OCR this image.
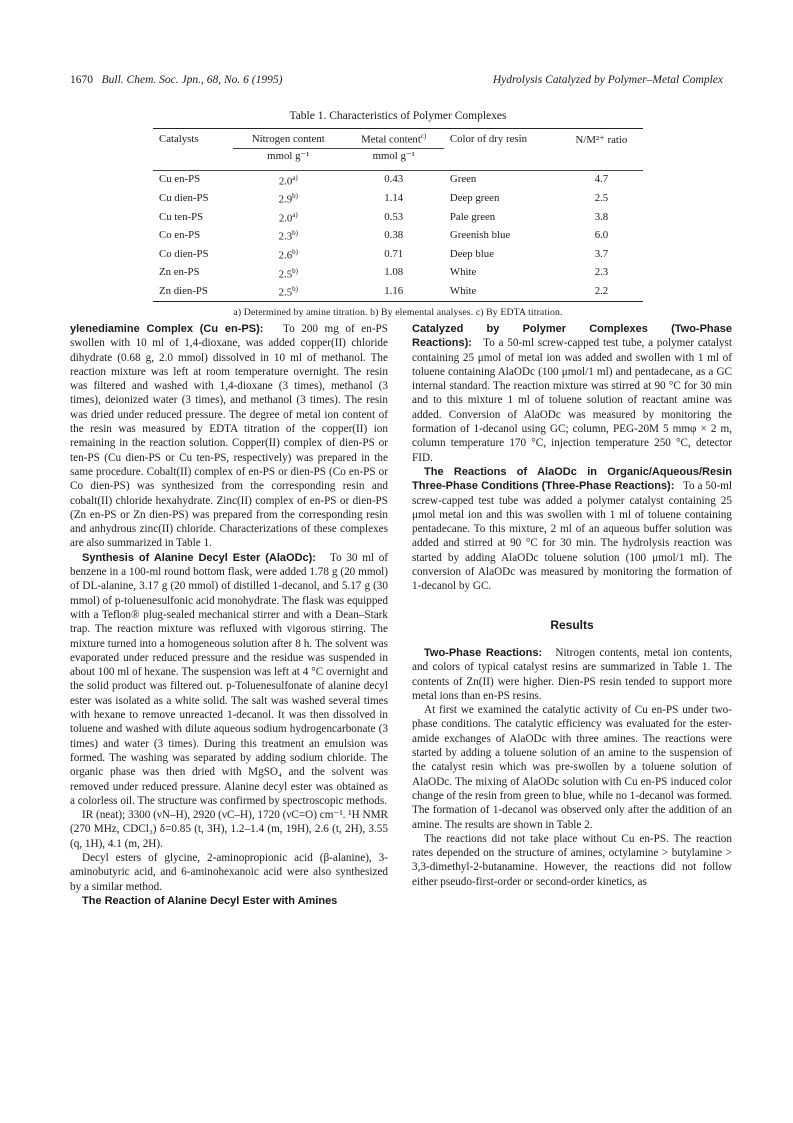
1670 Bull. Chem. Soc. Jpn., 68, No. 6 (1995)	Hydrolysis Catalyzed by Polymer–Metal Complex
Table 1. Characteristics of Polymer Complexes
Catalysts	Nitrogen content	Metal content$^{c)}$	Color of dry resin	N/M²⁺ ratio
	mmol g⁻¹	mmol g⁻¹		

Cu en-PS	2.0$^{a)}$	0.43	Green	4.7
Cu dien-PS	2.9$^{b)}$	1.14	Deep green	2.5
Cu ten-PS	2.0$^{a)}$	0.53	Pale green	3.8
Co en-PS	2.3$^{b)}$	0.38	Greenish blue	6.0
Co dien-PS	2.6$^{b)}$	0.71	Deep blue	3.7
Zn en-PS	2.5$^{b)}$	1.08	White	2.3
Zn dien-PS	2.5$^{b)}$	1.16	White	2.2
a) Determined by amine titration. b) By elemental analyses. c) By EDTA titration.

ylenediamine Complex (Cu en-PS): To 200 mg of en-PS swollen with 10 ml of 1,4-dioxane, was added copper(II) chloride dihydrate (0.68 g, 2.0 mmol) dissolved in 10 ml of methanol. The reaction mixture was left at room temperature overnight. The resin was filtered and washed with 1,4-dioxane (3 times), methanol (3 times), deionized water (3 times), and methanol (3 times). The resin was dried under reduced pressure. The degree of metal ion content of the resin was measured by EDTA titration of the copper(II) ion remaining in the reaction solution. Copper(II) complex of dien-PS or ten-PS (Cu dien-PS or Cu ten-PS, respectively) was prepared in the same procedure. Cobalt(II) complex of en-PS or dien-PS (Co en-PS or Co dien-PS) was synthesized from the corresponding resin and cobalt(II) chloride hexahydrate. Zinc(II) complex of en-PS or dien-PS (Zn en-PS or Zn dien-PS) was prepared from the corresponding resin and anhydrous zinc(II) chloride. Characterizations of these complexes are also summarized in Table 1.

Synthesis of Alanine Decyl Ester (AlaODc): To 30 ml of benzene in a 100-ml round bottom flask, were added 1.78 g (20 mmol) of DL-alanine, 3.17 g (20 mmol) of distilled 1-decanol, and 5.17 g (30 mmol) of p-toluenesulfonic acid monohydrate. The flask was equipped with a Teflon® plug-sealed mechanical stirrer and with a Dean–Stark trap. The reaction mixture was refluxed with vigorous stirring. The mixture turned into a homogeneous solution after 8 h. The solvent was evaporated under reduced pressure and the residue was suspended in about 100 ml of hexane. The suspension was left at 4 °C overnight and the solid product was filtered out. p-Toluenesulfonate of alanine decyl ester was isolated as a white solid. The salt was washed several times with hexane to remove unreacted 1-decanol. It was then dissolved in toluene and washed with dilute aqueous sodium hydrogencarbonate (3 times) and water (3 times). During this treatment an emulsion was formed. The washing was separated by adding sodium chloride. The organic phase was then dried with MgSO₄ and the solvent was removed under reduced pressure. Alanine decyl ester was obtained as a colorless oil. The structure was confirmed by spectroscopic methods.

IR (neat); 3300 (νN–H), 2920 (νC–H), 1720 (νC=O) cm⁻¹. ¹H NMR (270 MHz, CDCl₃) δ=0.85 (t, 3H), 1.2–1.4 (m, 19H), 2.6 (t, 2H), 3.55 (q, 1H), 4.1 (m, 2H).

Decyl esters of glycine, 2-aminopropionic acid (β-alanine), 3-aminobutyric acid, and 6-aminohexanoic acid were also synthesized by a similar method.

The Reaction of Alanine Decyl Ester with Amines

Catalyzed by Polymer Complexes (Two-Phase Reactions): To a 50-ml screw-capped test tube, a polymer catalyst containing 25 μmol of metal ion was added and swollen with 1 ml of toluene containing AlaODc (100 μmol/1 ml) and pentadecane, as a GC internal standard. The reaction mixture was stirred at 90 °C for 30 min and to this mixture 1 ml of toluene solution of reactant amine was added. Conversion of AlaODc was measured by monitoring the formation of 1-decanol using GC; column, PEG-20M 5 mmφ × 2 m, column temperature 170 °C, injection temperature 250 °C, detector FID.

The Reactions of AlaODc in Organic/Aqueous/Resin Three-Phase Conditions (Three-Phase Reactions): To a 50-ml screw-capped test tube was added a polymer catalyst containing 25 μmol metal ion and this was swollen with 1 ml of toluene containing pentadecane. To this mixture, 2 ml of an aqueous buffer solution was added and stirred at 90 °C for 30 min. The hydrolysis reaction was started by adding AlaODc toluene solution (100 μmol/1 ml). The conversion of AlaODc was measured by monitoring the formation of 1-decanol by GC.

Results

Two-Phase Reactions: Nitrogen contents, metal ion contents, and colors of typical catalyst resins are summarized in Table 1. The contents of Zn(II) were higher. Dien-PS resin tended to support more metal ions than en-PS resins.

At first we examined the catalytic activity of Cu en-PS under two-phase conditions. The catalytic efficiency was evaluated for the ester-amide exchanges of AlaODc with three amines. The reactions were started by adding a toluene solution of an amine to the suspension of the catalyst resin which was pre-swollen by a toluene solution of AlaODc. The mixing of AlaODc solution with Cu en-PS induced color change of the resin from green to blue, while no 1-decanol was formed. The formation of 1-decanol was observed only after the addition of an amine. The results are shown in Table 2.

The reactions did not take place without Cu en-PS. The reaction rates depended on the structure of amines, octylamine > butylamine > 3,3-dimethyl-2-butanamine. However, the reactions did not follow either pseudo-first-order or second-order kinetics, as
